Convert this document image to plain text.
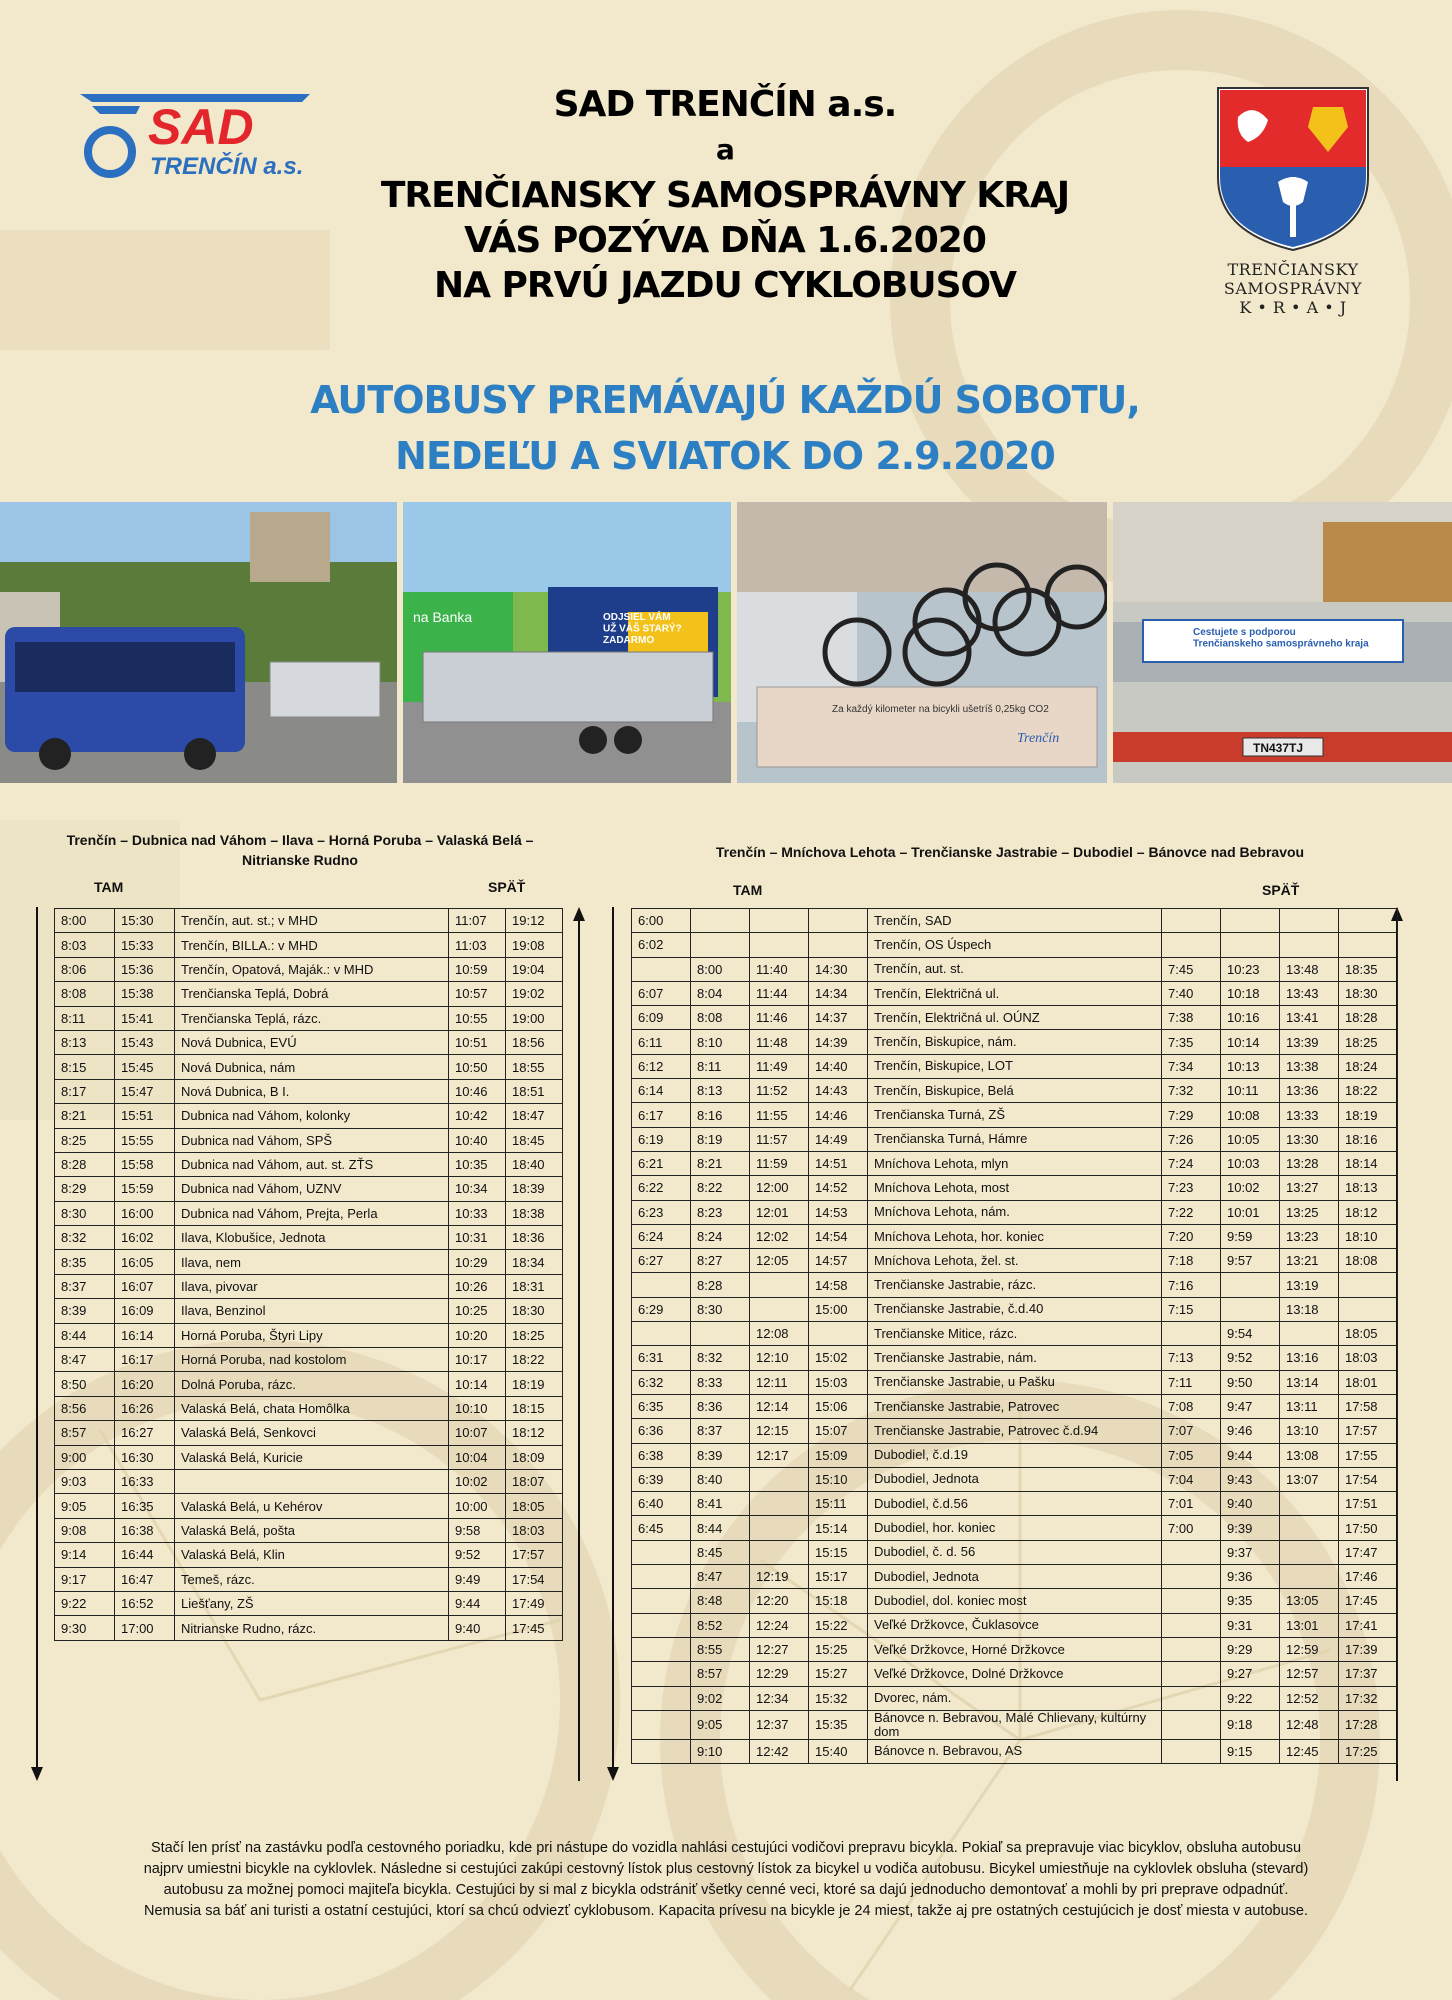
SAD
TRENČÍN a.s.
TRENČIANSKY
SAMOSPRÁVNY
K • R • A • J
SAD TRENČÍN a.s.
a
TRENČIANSKY SAMOSPRÁVNY KRAJ
VÁS POZÝVA DŇA 1.6.2020
NA PRVÚ JAZDU CYKLOBUSOV
AUTOBUSY PREMÁVAJÚ KAŽDÚ SOBOTU,
NEDEĽU A SVIATOK DO 2.9.2020
na Banka	ODJSIEL VÁM UŽ VÁŠ STARÝ? ZADARMO
Za každý kilometer na bicykli ušetríš 0,25kg CO2
Trenčín
Cestujete s podporou Trenčianskeho samosprávneho kraja
TN437TJ
Trenčín – Dubnica nad Váhom – Ilava – Horná Poruba – Valaská Belá – Nitrianske Rudno
TAM	SPÄŤ
8:00	15:30	Trenčín, aut. st.; v MHD	11:07	19:12
8:03	15:33	Trenčín, BILLA.: v MHD	11:03	19:08
8:06	15:36	Trenčín, Opatová, Maják.: v MHD	10:59	19:04
8:08	15:38	Trenčianska Teplá, Dobrá	10:57	19:02
8:11	15:41	Trenčianska Teplá, rázc.	10:55	19:00
8:13	15:43	Nová Dubnica, EVÚ	10:51	18:56
8:15	15:45	Nová Dubnica, nám	10:50	18:55
8:17	15:47	Nová Dubnica, B I.	10:46	18:51
8:21	15:51	Dubnica nad Váhom, kolonky	10:42	18:47
8:25	15:55	Dubnica nad Váhom, SPŠ	10:40	18:45
8:28	15:58	Dubnica nad Váhom, aut. st. ZŤS	10:35	18:40
8:29	15:59	Dubnica nad Váhom, UZNV	10:34	18:39
8:30	16:00	Dubnica nad Váhom, Prejta, Perla	10:33	18:38
8:32	16:02	Ilava, Klobušice, Jednota	10:31	18:36
8:35	16:05	Ilava, nem	10:29	18:34
8:37	16:07	Ilava, pivovar	10:26	18:31
8:39	16:09	Ilava, Benzinol	10:25	18:30
8:44	16:14	Horná Poruba, Štyri Lipy	10:20	18:25
8:47	16:17	Horná Poruba, nad kostolom	10:17	18:22
8:50	16:20	Dolná Poruba, rázc.	10:14	18:19
8:56	16:26	Valaská Belá, chata Homôlka	10:10	18:15
8:57	16:27	Valaská Belá, Senkovci	10:07	18:12
9:00	16:30	Valaská Belá, Kuricie	10:04	18:09
9:03	16:33		10:02	18:07
9:05	16:35	Valaská Belá, u Kehérov	10:00	18:05
9:08	16:38	Valaská Belá, pošta	9:58	18:03
9:14	16:44	Valaská Belá, Klin	9:52	17:57
9:17	16:47	Temeš, rázc.	9:49	17:54
9:22	16:52	Liešťany, ZŠ	9:44	17:49
9:30	17:00	Nitrianske Rudno, rázc.	9:40	17:45
Trenčín – Mníchova Lehota – Trenčianske Jastrabie – Dubodiel – Bánovce nad Bebravou
TAM	SPÄŤ
6:00				Trenčín, SAD				
6:02				Trenčín, OS Úspech				
	8:00	11:40	14:30	Trenčín, aut. st.	7:45	10:23	13:48	18:35
6:07	8:04	11:44	14:34	Trenčín, Električná ul.	7:40	10:18	13:43	18:30
6:09	8:08	11:46	14:37	Trenčín, Električná ul. OÚNZ	7:38	10:16	13:41	18:28
6:11	8:10	11:48	14:39	Trenčín, Biskupice, nám.	7:35	10:14	13:39	18:25
6:12	8:11	11:49	14:40	Trenčín, Biskupice, LOT	7:34	10:13	13:38	18:24
6:14	8:13	11:52	14:43	Trenčín, Biskupice, Belá	7:32	10:11	13:36	18:22
6:17	8:16	11:55	14:46	Trenčianska Turná, ZŠ	7:29	10:08	13:33	18:19
6:19	8:19	11:57	14:49	Trenčianska Turná, Hámre	7:26	10:05	13:30	18:16
6:21	8:21	11:59	14:51	Mníchova Lehota, mlyn	7:24	10:03	13:28	18:14
6:22	8:22	12:00	14:52	Mníchova Lehota, most	7:23	10:02	13:27	18:13
6:23	8:23	12:01	14:53	Mníchova Lehota, nám.	7:22	10:01	13:25	18:12
6:24	8:24	12:02	14:54	Mníchova Lehota, hor. koniec	7:20	9:59	13:23	18:10
6:27	8:27	12:05	14:57	Mníchova Lehota, žel. st.	7:18	9:57	13:21	18:08
	8:28		14:58	Trenčianske Jastrabie, rázc.	7:16		13:19	
6:29	8:30		15:00	Trenčianske Jastrabie, č.d.40	7:15		13:18	
		12:08		Trenčianske Mitice, rázc.		9:54		18:05
6:31	8:32	12:10	15:02	Trenčianske Jastrabie, nám.	7:13	9:52	13:16	18:03
6:32	8:33	12:11	15:03	Trenčianske Jastrabie, u Pašku	7:11	9:50	13:14	18:01
6:35	8:36	12:14	15:06	Trenčianske Jastrabie, Patrovec	7:08	9:47	13:11	17:58
6:36	8:37	12:15	15:07	Trenčianske Jastrabie, Patrovec č.d.94	7:07	9:46	13:10	17:57
6:38	8:39	12:17	15:09	Dubodiel, č.d.19	7:05	9:44	13:08	17:55
6:39	8:40		15:10	Dubodiel, Jednota	7:04	9:43	13:07	17:54
6:40	8:41		15:11	Dubodiel, č.d.56	7:01	9:40		17:51
6:45	8:44		15:14	Dubodiel, hor. koniec	7:00	9:39		17:50
	8:45		15:15	Dubodiel, č. d. 56		9:37		17:47
	8:47	12:19	15:17	Dubodiel, Jednota		9:36		17:46
	8:48	12:20	15:18	Dubodiel, dol. koniec most		9:35	13:05	17:45
	8:52	12:24	15:22	Veľké Držkovce, Čuklasovce		9:31	13:01	17:41
	8:55	12:27	15:25	Veľké Držkovce, Horné Držkovce		9:29	12:59	17:39
	8:57	12:29	15:27	Veľké Držkovce, Dolné Držkovce		9:27	12:57	17:37
	9:02	12:34	15:32	Dvorec, nám.		9:22	12:52	17:32
	9:05	12:37	15:35	Bánovce n. Bebravou, Malé Chlievany, kultúrny dom		9:18	12:48	17:28
	9:10	12:42	15:40	Bánovce n. Bebravou, AS		9:15	12:45	17:25
Stačí len prísť na zastávku podľa cestovného poriadku, kde pri nástupe do vozidla nahlási cestujúci vodičovi prepravu bicykla. Pokiaľ sa prepravuje viac bicyklov, obsluha autobusu
najprv umiestni bicykle na cyklovlek. Následne si cestujúci zakúpi cestovný lístok plus cestovný lístok za bicykel u vodiča autobusu. Bicykel umiestňuje na cyklovlek obsluha (stevard)
autobusu za možnej pomoci majiteľa bicykla. Cestujúci by si mal z bicykla odstrániť všetky cenné veci, ktoré sa dajú jednoducho demontovať a mohli by pri preprave odpadnúť.
Nemusia sa báť ani turisti a ostatní cestujúci, ktorí sa chcú odviezť cyklobusom. Kapacita prívesu na bicykle je 24 miest, takže aj pre ostatných cestujúcich je dosť miesta v autobuse.
